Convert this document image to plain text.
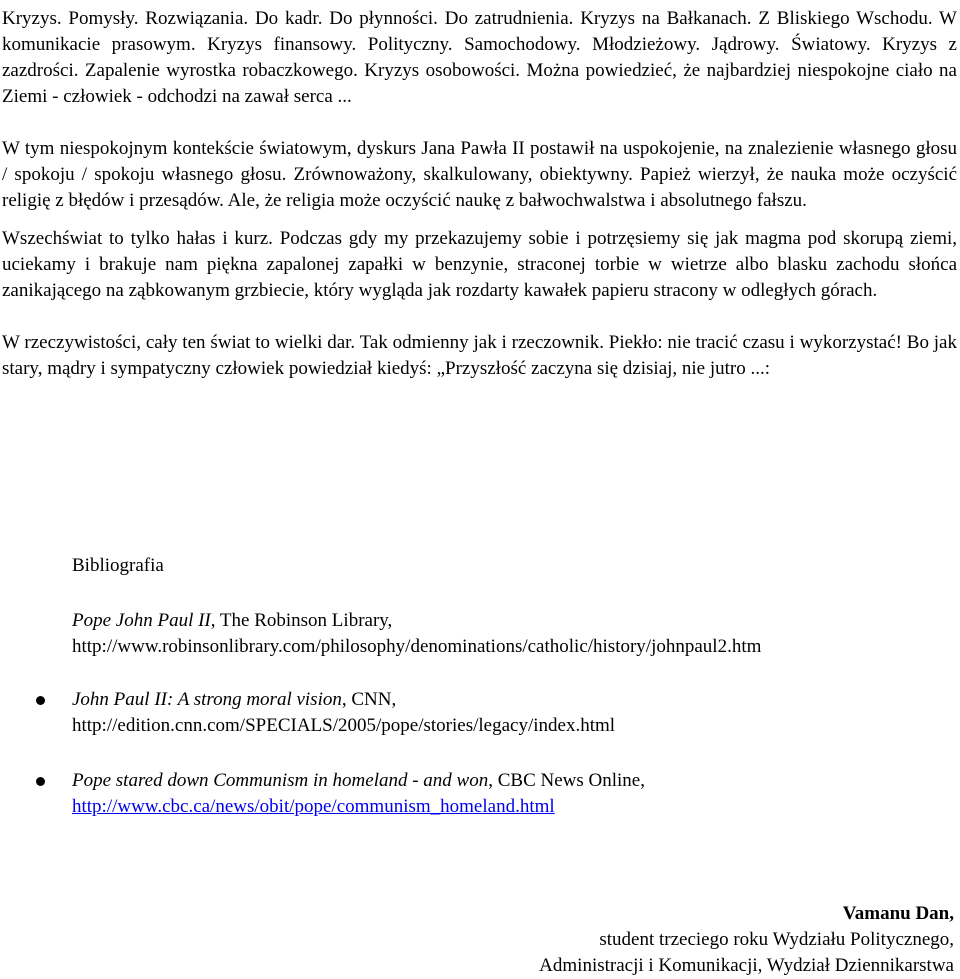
Kryzys. Pomysły. Rozwiązania. Do kadr. Do płynności. Do zatrudnienia. Kryzys na Bałkanach. Z Bliskiego Wschodu. W komunikacie prasowym. Kryzys finansowy. Polityczny. Samochodowy. Młodzieżowy. Jądrowy. Światowy. Kryzys z zazdrości. Zapalenie wyrostka robaczkowego. Kryzys osobowości. Można powiedzieć, że najbardziej niespokojne ciało na Ziemi - człowiek - odchodzi na zawał serca ...

W tym niespokojnym kontekście światowym, dyskurs Jana Pawła II postawił na uspokojenie, na znalezienie własnego głosu / spokoju / spokoju własnego głosu. Zrównoważony, skalkulowany, obiektywny. Papież wierzył, że nauka może oczyścić religię z błędów i przesądów. Ale, że religia może oczyścić naukę z bałwochwalstwa i absolutnego fałszu.

Wszechświat to tylko hałas i kurz. Podczas gdy my przekazujemy sobie i potrzęsiemy się jak magma pod skorupą ziemi, uciekamy i brakuje nam piękna zapalonej zapałki w benzynie, straconej torbie w wietrze albo blasku zachodu słońca zanikającego na ząbkowanym grzbiecie, który wygląda jak rozdarty kawałek papieru stracony w odległych górach.

W rzeczywistości, cały ten świat to wielki dar. Tak odmienny jak i rzeczownik. Piekło: nie tracić czasu i wykorzystać! Bo jak stary, mądry i sympatyczny człowiek powiedział kiedyś: „Przyszłość zaczyna się dzisiaj, nie jutro ...:

Bibliografia

Pope John Paul II, The Robinson Library,
http://www.robinsonlibrary.com/philosophy/denominations/catholic/history/johnpaul2.htm
John Paul II: A strong moral vision, CNN,
http://edition.cnn.com/SPECIALS/2005/pope/stories/legacy/index.html
Pope stared down Communism in homeland - and won, CBC News Online,
http://www.cbc.ca/news/obit/pope/communism_homeland.html
Vamanu Dan,
student trzeciego roku Wydziału Politycznego,
Administracji i Komunikacji, Wydział Dziennikarstwa
